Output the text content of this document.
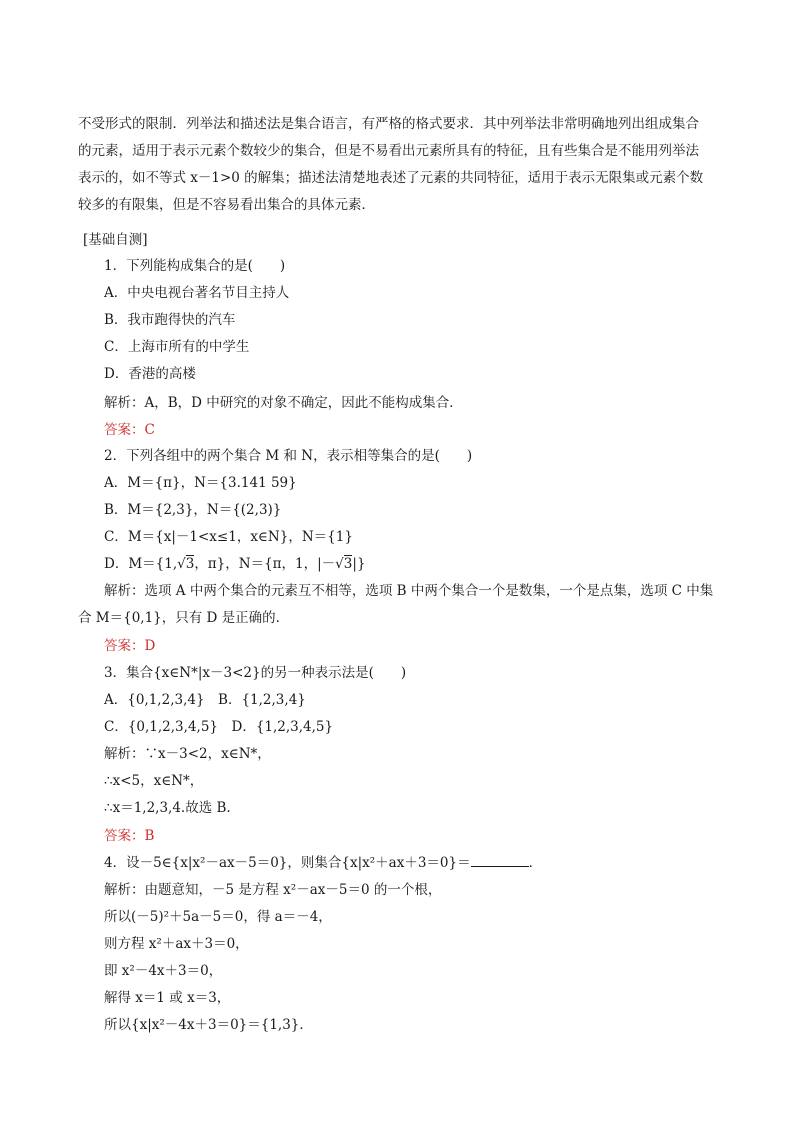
不受形式的限制．列举法和描述法是集合语言，有严格的格式要求．其中列举法非常明确地列出组成集合
的元素，适用于表示元素个数较少的集合，但是不易看出元素所具有的特征，且有些集合是不能用列举法
表示的，如不等式 x－1>0 的解集；描述法清楚地表述了元素的共同特征，适用于表示无限集或元素个数
较多的有限集，但是不容易看出集合的具体元素．
[基础自测]
1．下列能构成集合的是(　　)
A．中央电视台著名节目主持人
B．我市跑得快的汽车
C．上海市所有的中学生
D．香港的高楼
解析：A，B，D 中研究的对象不确定，因此不能构成集合．
答案：C
2．下列各组中的两个集合 M 和 N，表示相等集合的是(　　)
A．M＝{π}，N＝{3.141 59}
B．M＝{2,3}，N＝{(2,3)}
C．M＝{x|－1<x≤1，x∈N}，N＝{1}
D．M＝{1,√3，π}，N＝{π，1，|－√3|}
解析：选项 A 中两个集合的元素互不相等，选项 B 中两个集合一个是数集，一个是点集，选项 C 中集
合 M＝{0,1}，只有 D 是正确的．
答案：D
3．集合{x∈N*|x－3<2}的另一种表示法是(　　)
A．{0,1,2,3,4}　B．{1,2,3,4}
C．{0,1,2,3,4,5}　D．{1,2,3,4,5}
解析：∵x－3<2，x∈N*，
∴x<5，x∈N*，
∴x＝1,2,3,4.故选 B.
答案：B
4．设－5∈{x|x²－ax－5＝0}，则集合{x|x²＋ax＋3＝0}＝	．
解析：由题意知，－5 是方程 x²－ax－5＝0 的一个根，
所以(－5)²＋5a－5＝0，得 a＝－4，
则方程 x²＋ax＋3＝0，
即 x²－4x＋3＝0，
解得 x＝1 或 x＝3，
所以{x|x²－4x＋3＝0}＝{1,3}．
